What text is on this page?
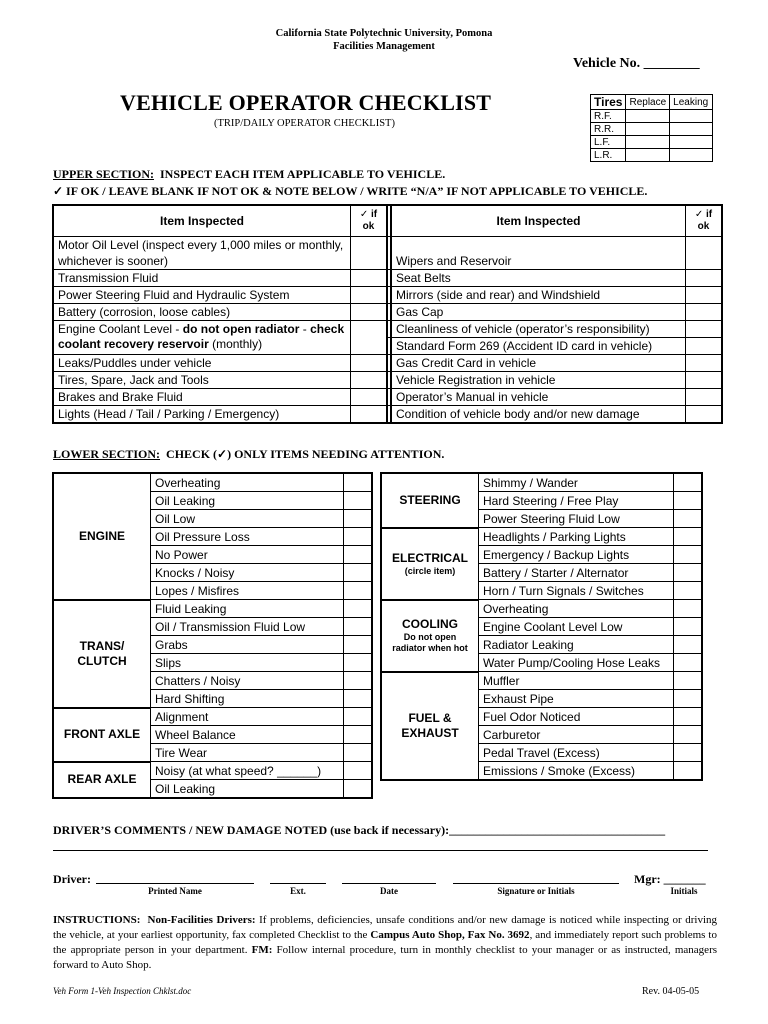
California State Polytechnic University, Pomona
Facilities Management
Vehicle No. ________
VEHICLE OPERATOR CHECKLIST
(TRIP/DAILY OPERATOR CHECKLIST)
Tires	Replace	Leaking
R.F.		
R.R.		
L.F.		
L.R.		
UPPER SECTION: INSPECT EACH ITEM APPLICABLE TO VEHICLE.
✓ IF OK / LEAVE BLANK IF NOT OK & NOTE BELOW / WRITE “N/A” IF NOT APPLICABLE TO VEHICLE.
Item Inspected	✓ if ok		Item Inspected	✓ if ok
Motor Oil Level (inspect every 1,000 miles or monthly, whichever is sooner)			Wipers and Reservoir	
Transmission Fluid			Seat Belts	
Power Steering Fluid and Hydraulic System			Mirrors (side and rear) and Windshield	
Battery (corrosion, loose cables)			Gas Cap	
Engine Coolant Level - do not open radiator - check coolant recovery reservoir (monthly)			Cleanliness of vehicle (operator’s responsibility)	
			Standard Form 269 (Accident ID card in vehicle)	
Leaks/Puddles under vehicle			Gas Credit Card in vehicle	
Tires, Spare, Jack and Tools			Vehicle Registration in vehicle	
Brakes and Brake Fluid			Operator’s Manual in vehicle	
Lights (Head / Tail / Parking / Emergency)			Condition of vehicle body and/or new damage	
LOWER SECTION: CHECK (✓) ONLY ITEMS NEEDING ATTENTION.
ENGINE	Overheating	
	Oil Leaking	
	Oil Low	
	Oil Pressure Loss	
	No Power	
	Knocks / Noisy	
	Lopes / Misfires	

TRANS/ CLUTCH	Fluid Leaking	
	Oil / Transmission Fluid Low	
	Grabs	
	Slips	
	Chatters / Noisy	
	Hard Shifting	

FRONT AXLE	Alignment	
	Wheel Balance	
	Tire Wear	

REAR AXLE	Noisy (at what speed? ______)	
	Oil Leaking	
STEERING	Shimmy / Wander	
	Hard Steering / Free Play	
	Power Steering Fluid Low	

ELECTRICAL
(circle item)	Headlights / Parking Lights	
	Emergency / Backup Lights	
	Battery / Starter / Alternator	
	Horn / Turn Signals / Switches	

COOLING
Do not open radiator when hot	Overheating	
	Engine Coolant Level Low	
	Radiator Leaking	
	Water Pump/Cooling Hose Leaks	

FUEL & EXHAUST	Muffler	
	Exhaust Pipe	
	Fuel Odor Noticed	
	Carburetor	
	Pedal Travel (Excess)	
	Emissions / Smoke (Excess)	
DRIVER’S COMMENTS / NEW DAMAGE NOTED (use back if necessary):____________________________________
Driver:
Printed Name	Ext.	Date	Signature or Initials
Mgr: _______
Initials
INSTRUCTIONS: Non-Facilities Drivers: If problems, deficiencies, unsafe conditions and/or new damage is noticed while inspecting or driving the vehicle, at your earliest opportunity, fax completed Checklist to the Campus Auto Shop, Fax No. 3692, and immediately report such problems to the appropriate person in your department. FM: Follow internal procedure, turn in monthly checklist to your manager or as instructed, managers forward to Auto Shop.
Veh Form 1-Veh Inspection Chklst.doc	Rev. 04-05-05
